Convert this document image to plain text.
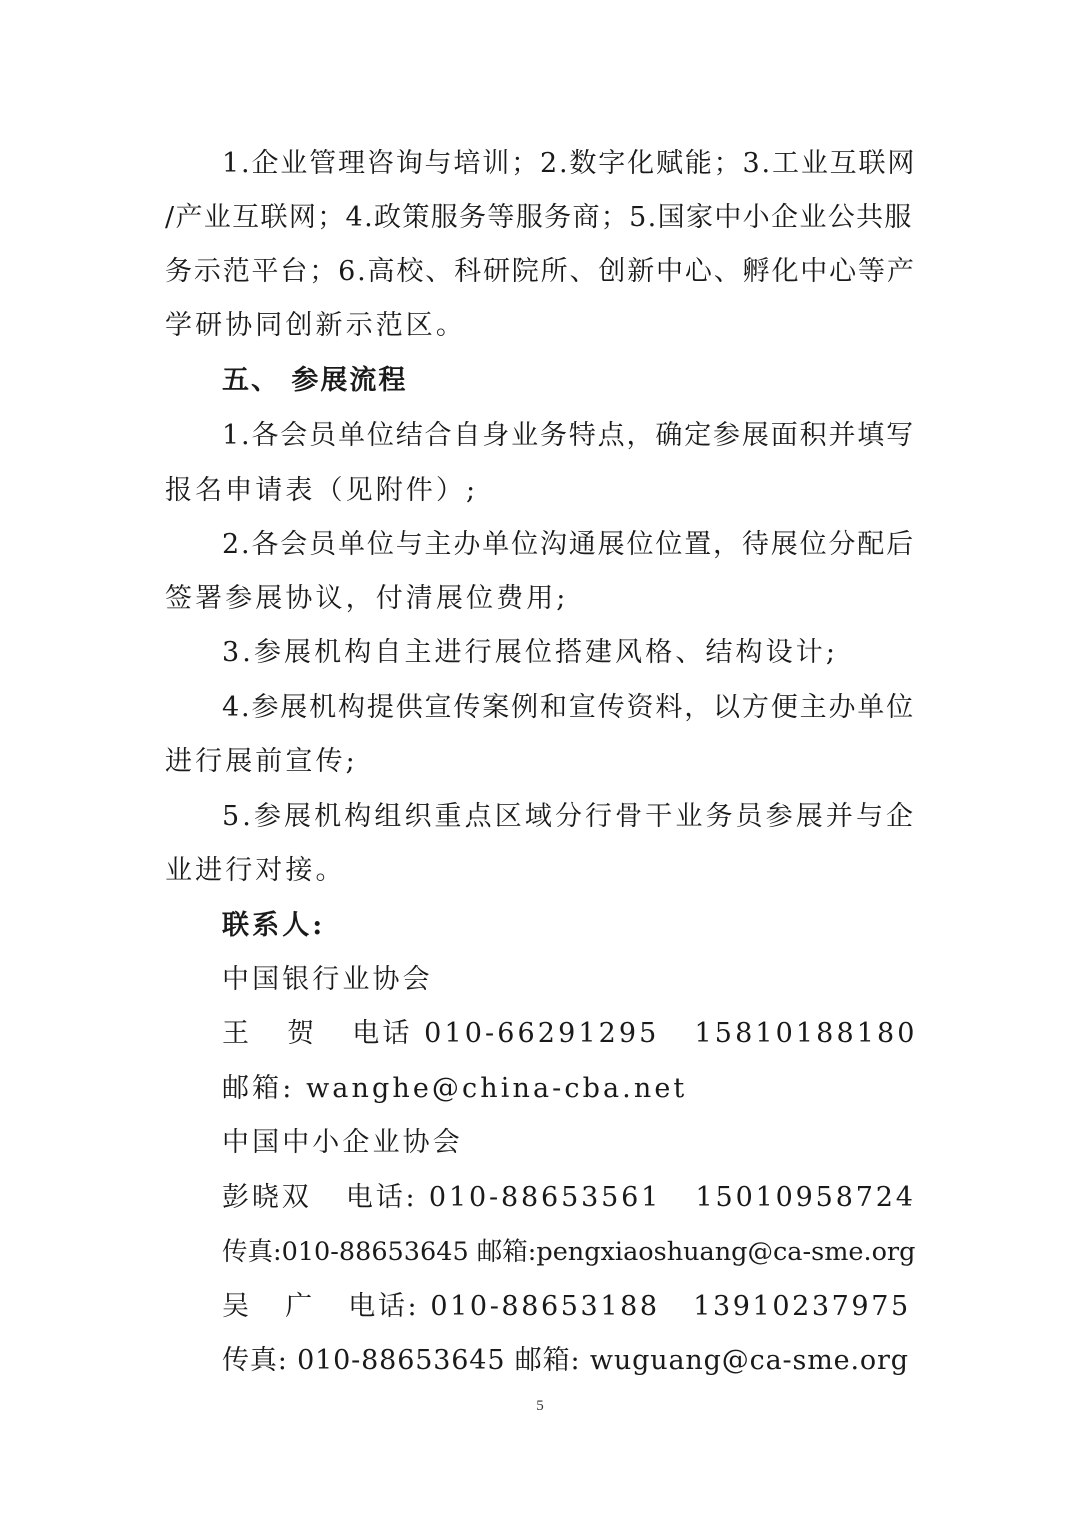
1.企业管理咨询与培训；2.数字化赋能；3.工业互联网
/产业互联网；4.政策服务等服务商；5.国家中小企业公共服
务示范平台；6.高校、科研院所、创新中心、孵化中心等产
学研协同创新示范区。
五、 参展流程
1.各会员单位结合自身业务特点，确定参展面积并填写
报名申请表（见附件）;
2.各会员单位与主办单位沟通展位位置，待展位分配后
签署参展协议，付清展位费用;
3.参展机构自主进行展位搭建风格、结构设计;
4.参展机构提供宣传案例和宣传资料，以方便主办单位
进行展前宣传;
5.参展机构组织重点区域分行骨干业务员参展并与企
业进行对接。
联系人:
中国银行业协会
王   贺   电话 010-66291295   15810188180
邮箱: wanghe@china-cba.net
中国中小企业协会
彭晓双   电话: 010-88653561   15010958724
传真:010-88653645 邮箱:pengxiaoshuang@ca-sme.org
吴   广   电话: 010-88653188   13910237975
传真: 010-88653645 邮箱: wuguang@ca-sme.org
5
